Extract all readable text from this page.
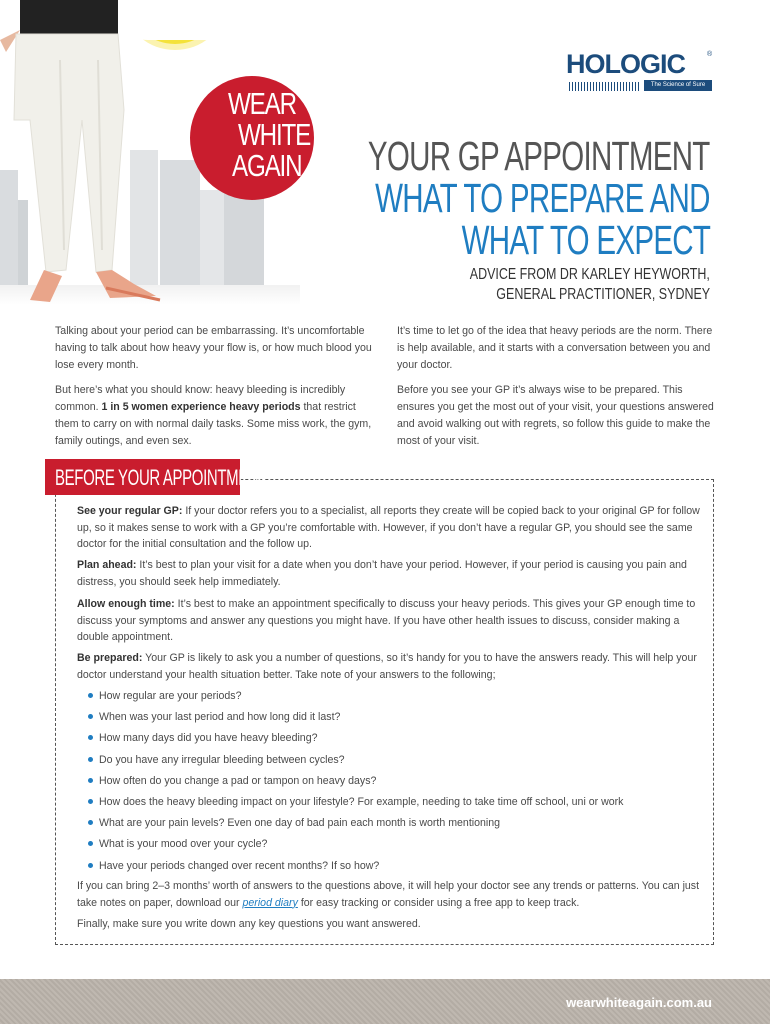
WEAR
WHITE
AGAIN
HOLOGIC	®
The Science of Sure
YOUR GP APPOINTMENT
WHAT TO PREPARE AND
WHAT TO EXPECT
ADVICE FROM DR KARLEY HEYWORTH,
GENERAL PRACTITIONER, SYDNEY

Talking about your period can be embarrassing. It’s uncomfortable having to talk about how heavy your flow is, or how much blood you lose every month.

But here’s what you should know: heavy bleeding is incredibly common. 1 in 5 women experience heavy periods that restrict them to carry on with normal daily tasks. Some miss work, the gym, family outings, and even sex.

It’s time to let go of the idea that heavy periods are the norm. There is help available, and it starts with a conversation between you and your doctor.

Before you see your GP it’s always wise to be prepared. This ensures you get the most out of your visit, your questions answered and avoid walking out with regrets, so follow this guide to make the most of your visit.

BEFORE YOUR APPOINTMENT

See your regular GP: If your doctor refers you to a specialist, all reports they create will be copied back to your original GP for follow up, so it makes sense to work with a GP you’re comfortable with. However, if you don’t have a regular GP, you should see the same doctor for the initial consultation and the follow up.

Plan ahead: It’s best to plan your visit for a date when you don’t have your period. However, if your period is causing you pain and distress, you should seek help immediately.

Allow enough time: It’s best to make an appointment specifically to discuss your heavy periods. This gives your GP enough time to discuss your symptoms and answer any questions you might have. If you have other health issues to discuss, consider making a double appointment.

Be prepared: Your GP is likely to ask you a number of questions, so it’s handy for you to have the answers ready. This will help your doctor understand your health situation better. Take note of your answers to the following;

How regular are your periods?
When was your last period and how long did it last?
How many days did you have heavy bleeding?
Do you have any irregular bleeding between cycles?
How often do you change a pad or tampon on heavy days?
How does the heavy bleeding impact on your lifestyle? For example, needing to take time off school, uni or work
What are your pain levels? Even one day of bad pain each month is worth mentioning
What is your mood over your cycle?
Have your periods changed over recent months? If so how?

If you can bring 2–3 months’ worth of answers to the questions above, it will help your doctor see any trends or patterns. You can just take notes on paper, download our period diary for easy tracking or consider using a free app to keep track.

Finally, make sure you write down any key questions you want answered.

wearwhiteagain.com.au
